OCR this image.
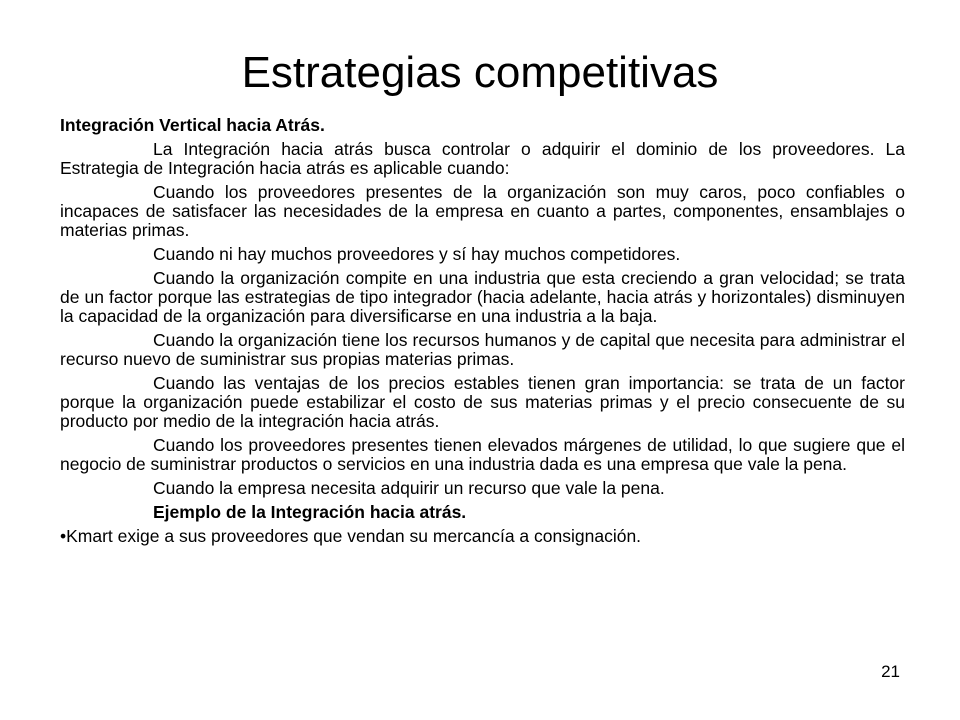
Estrategias competitivas
Integración Vertical hacia Atrás.
La Integración hacia atrás busca controlar o adquirir el dominio de los proveedores. La Estrategia de Integración hacia atrás es aplicable cuando:
Cuando los proveedores presentes de la organización son muy caros, poco confiables o incapaces de satisfacer las necesidades de la empresa en cuanto a partes, componentes, ensamblajes o materias primas.
Cuando ni hay muchos proveedores y sí hay muchos competidores.
Cuando la organización compite en una industria que esta creciendo a gran velocidad; se trata de un factor porque las estrategias de tipo integrador (hacia adelante, hacia atrás y horizontales) disminuyen la capacidad de la organización para diversificarse en una industria a la baja.
Cuando la organización tiene los recursos humanos y de capital que necesita para administrar el recurso nuevo de suministrar sus propias materias primas.
Cuando las ventajas de los precios estables tienen gran importancia: se trata de un factor porque la organización puede estabilizar el costo de sus materias primas y el precio consecuente de su producto por medio de la integración hacia atrás.
Cuando los proveedores presentes tienen elevados márgenes de utilidad, lo que sugiere que el negocio de suministrar productos o servicios en una industria dada es una empresa que vale la pena.
Cuando la empresa necesita adquirir un recurso que vale la pena.
Ejemplo de la Integración hacia atrás.
•Kmart exige a sus proveedores que vendan su mercancía a consignación.
21
